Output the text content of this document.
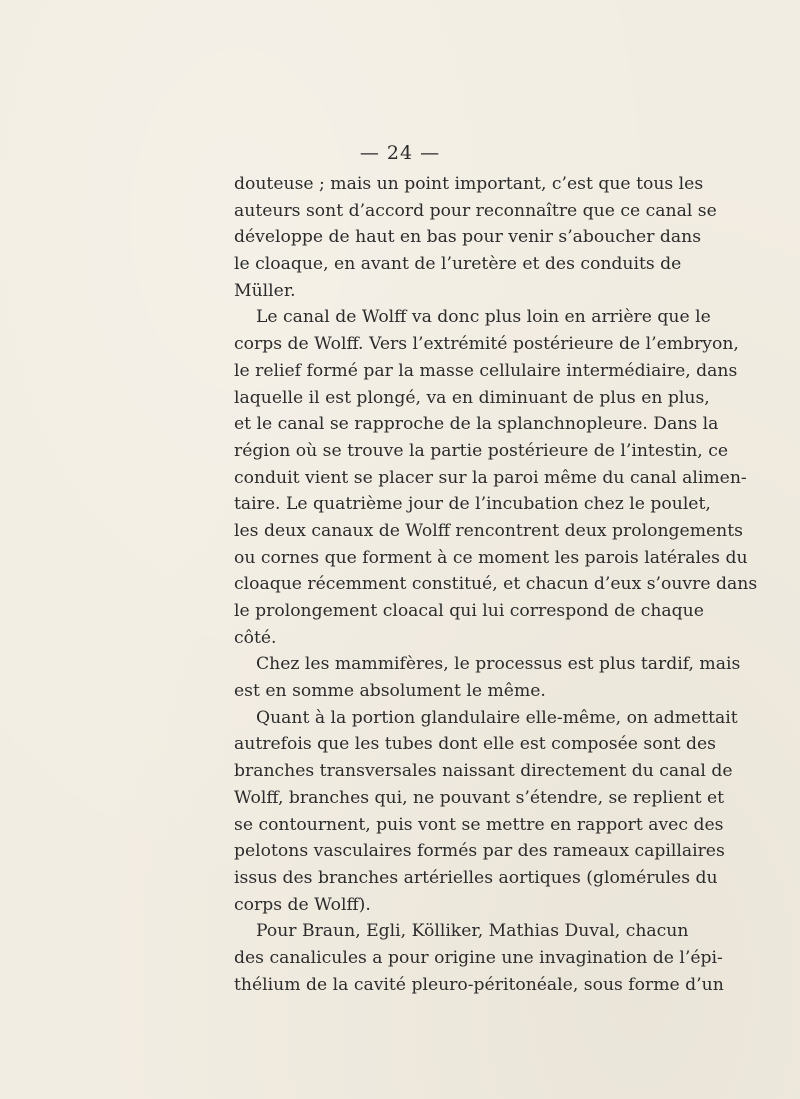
— 24 —
douteuse ; mais un point important, c’est que tous les
auteurs sont d’accord pour reconnaître que ce canal se
développe de haut en bas pour venir s’aboucher dans
le cloaque, en avant de l’uretère et des conduits de
Müller.
Le canal de Wolff va donc plus loin en arrière que le
corps de Wolff. Vers l’extrémité postérieure de l’embryon,
le relief formé par la masse cellulaire intermédiaire, dans
laquelle il est plongé, va en diminuant de plus en plus,
et le canal se rapproche de la splanchnopleure. Dans la
région où se trouve la partie postérieure de l’intestin, ce
conduit vient se placer sur la paroi même du canal alimen-
taire. Le quatrième jour de l’incubation chez le poulet,
les deux canaux de Wolff rencontrent deux prolongements
ou cornes que forment à ce moment les parois latérales du
cloaque récemment constitué, et chacun d’eux s’ouvre dans
le prolongement cloacal qui lui correspond de chaque
côté.
Chez les mammifères, le processus est plus tardif, mais
est en somme absolument le même.
Quant à la portion glandulaire elle-même, on admettait
autrefois que les tubes dont elle est composée sont des
branches transversales naissant directement du canal de
Wolff, branches qui, ne pouvant s’étendre, se replient et
se contournent, puis vont se mettre en rapport avec des
pelotons vasculaires formés par des rameaux capillaires
issus des branches artérielles aortiques (glomérules du
corps de Wolff).
Pour Braun, Egli, Kölliker, Mathias Duval, chacun
des canalicules a pour origine une invagination de l’épi-
thélium de la cavité pleuro-péritonéale, sous forme d’un
